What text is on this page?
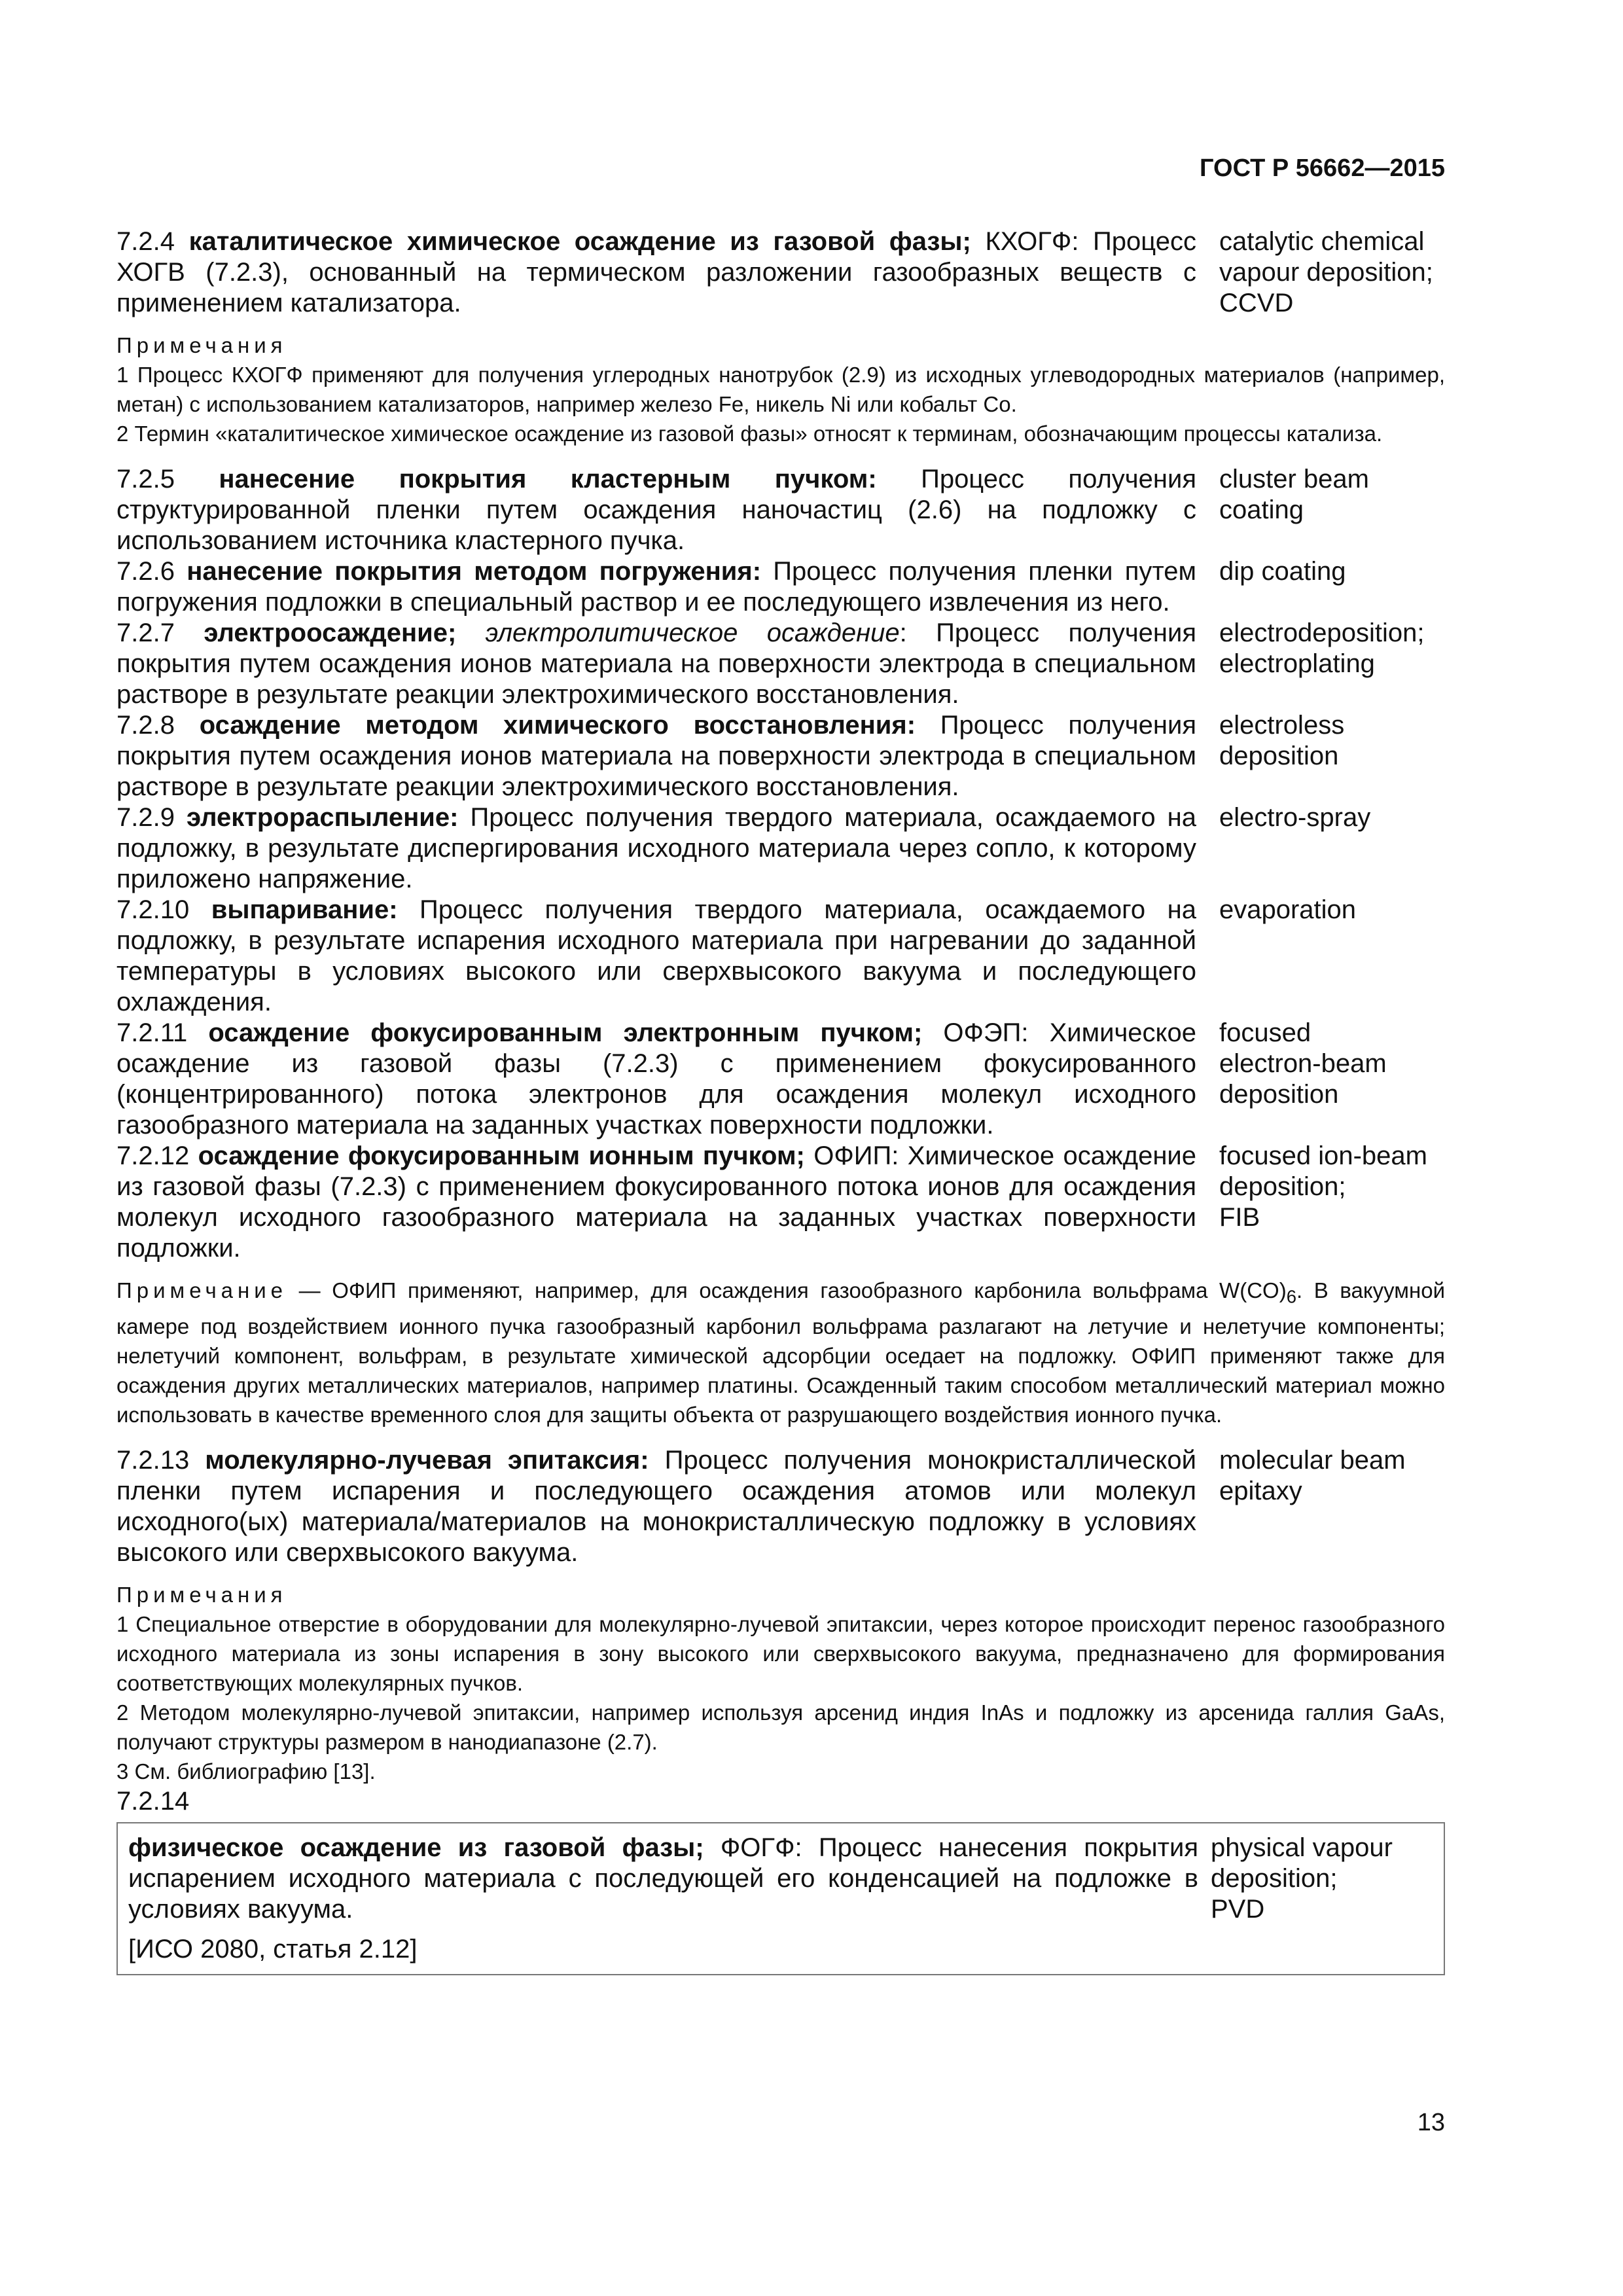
ГОСТ Р 56662—2015
7.2.4 каталитическое химическое осаждение из газовой фазы; КХОГФ: Процесс ХОГВ (7.2.3), основанный на термическом разложении газообразных веществ с применением катализатора.
catalytic chemical
vapour deposition;
CCVD
Примечания
1 Процесс КХОГФ применяют для получения углеродных нанотрубок (2.9) из исходных углеводородных материалов (например, метан) с использованием катализаторов, например железо Fe, никель Ni или кобальт Co.
2 Термин «каталитическое химическое осаждение из газовой фазы» относят к терминам, обозначающим процессы катализа.
7.2.5 нанесение покрытия кластерным пучком: Процесс получения структурированной пленки путем осаждения наночастиц (2.6) на подложку с использованием источника кластерного пучка.
cluster beam
coating
7.2.6 нанесение покрытия методом погружения: Процесс получения пленки путем погружения подложки в специальный раствор и ее последующего извлечения из него.
dip coating
7.2.7 электроосаждение; электролитическое осаждение: Процесс получения покрытия путем осаждения ионов материала на поверхности электрода в специальном растворе в результате реакции электрохимического восстановления.
electrodeposition;
electroplating
7.2.8 осаждение методом химического восстановления: Процесс получения покрытия путем осаждения ионов материала на поверхности электрода в специальном растворе в результате реакции электрохимического восстановления.
electroless
deposition
7.2.9 электрораспыление: Процесс получения твердого материала, осаждаемого на подложку, в результате диспергирования исходного материала через сопло, к которому приложено напряжение.
electro-spray
7.2.10 выпаривание: Процесс получения твердого материала, осаждаемого на подложку, в результате испарения исходного материала при нагревании до заданной температуры в условиях высокого или сверхвысокого вакуума и последующего охлаждения.
evaporation
7.2.11 осаждение фокусированным электронным пучком; ОФЭП: Химическое осаждение из газовой фазы (7.2.3) с применением фокусированного (концентрированного) потока электронов для осаждения молекул исходного газообразного материала на заданных участках поверхности подложки.
focused
electron-beam
deposition
7.2.12 осаждение фокусированным ионным пучком; ОФИП: Химическое осаждение из газовой фазы (7.2.3) с применением фокусированного потока ионов для осаждения молекул исходного газообразного материала на заданных участках поверхности подложки.
focused ion-beam
deposition;
FIB
Примечание — ОФИП применяют, например, для осаждения газообразного карбонила вольфрама $W(CO)_6$. В вакуумной камере под воздействием ионного пучка газообразный карбонил вольфрама разлагают на летучие и нелетучие компоненты; нелетучий компонент, вольфрам, в результате химической адсорбции оседает на подложку. ОФИП применяют также для осаждения других металлических материалов, например платины. Осажденный таким способом металлический материал можно использовать в качестве временного слоя для защиты объекта от разрушающего воздействия ионного пучка.
7.2.13 молекулярно-лучевая эпитаксия: Процесс получения монокристаллической пленки путем испарения и последующего осаждения атомов или молекул исходного(ых) материала/материалов на монокристаллическую подложку в условиях высокого или сверхвысокого вакуума.
molecular beam
epitaxy
Примечания
1 Специальное отверстие в оборудовании для молекулярно-лучевой эпитаксии, через которое происходит перенос газообразного исходного материала из зоны испарения в зону высокого или сверхвысокого вакуума, предназначено для формирования соответствующих молекулярных пучков.
2 Методом молекулярно-лучевой эпитаксии, например используя арсенид индия InAs и подложку из арсенида галлия GaAs, получают структуры размером в нанодиапазоне (2.7).
3 См. библиографию [13].
7.2.14
физическое осаждение из газовой фазы; ФОГФ: Процесс нанесения покрытия испарением исходного материала с последующей его конденсацией на подложке в условиях вакуума.
physical vapour
deposition;
PVD
[ИСО 2080, статья 2.12]
13
